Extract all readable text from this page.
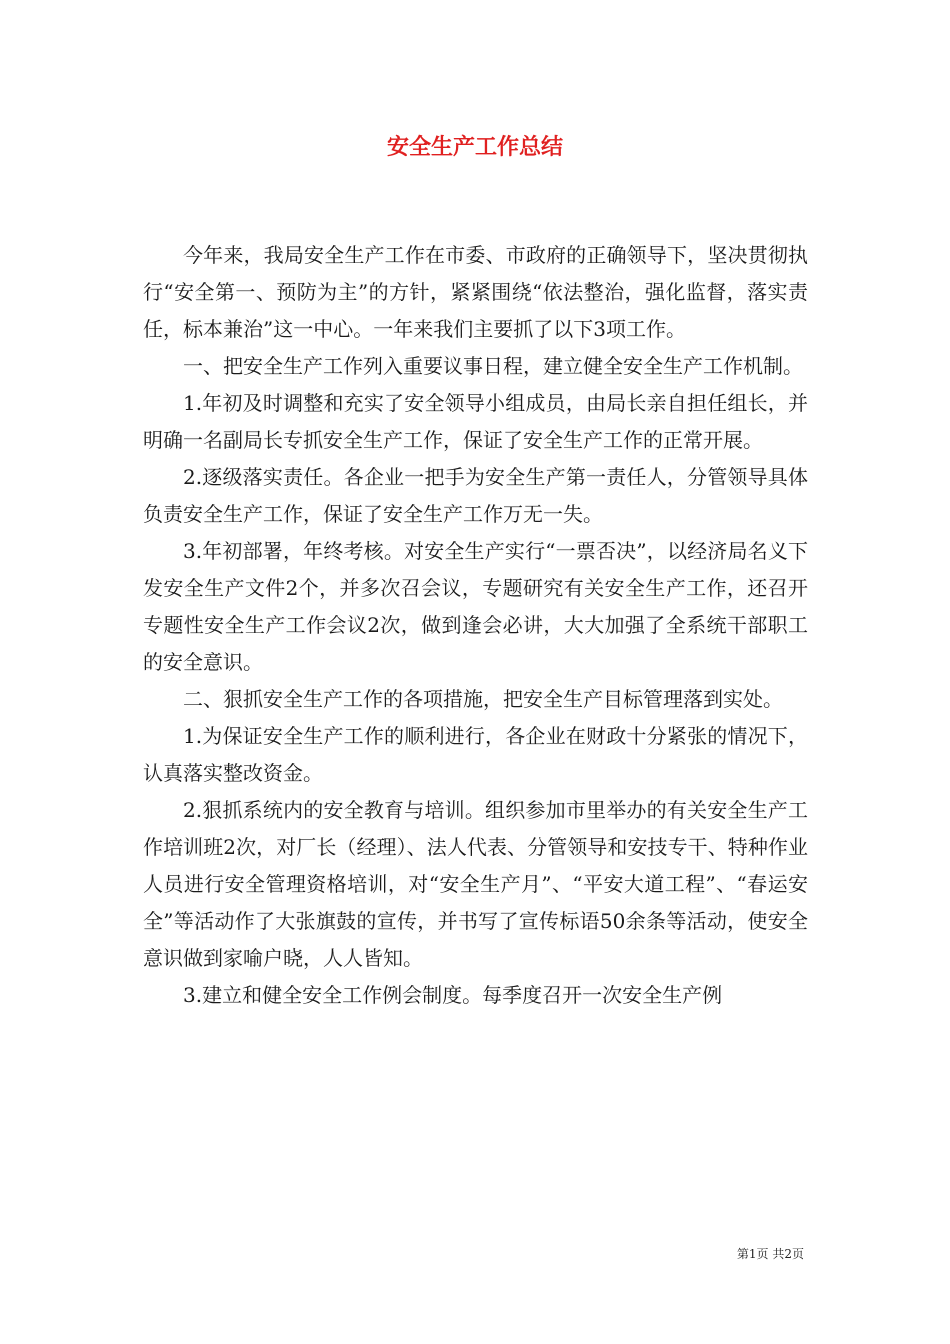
安全生产工作总结

今年来，我局安全生产工作在市委、市政府的正确领导下，坚决贯彻执行“安全第一、预防为主”的方针，紧紧围绕“依法整治，强化监督，落实责任，标本兼治”这一中心。一年来我们主要抓了以下3项工作。

一、把安全生产工作列入重要议事日程，建立健全安全生产工作机制。

1.年初及时调整和充实了安全领导小组成员，由局长亲自担任组长，并明确一名副局长专抓安全生产工作，保证了安全生产工作的正常开展。

2.逐级落实责任。各企业一把手为安全生产第一责任人，分管领导具体负责安全生产工作，保证了安全生产工作万无一失。

3.年初部署，年终考核。对安全生产实行“一票否决”，以经济局名义下发安全生产文件2个，并多次召会议，专题研究有关安全生产工作，还召开专题性安全生产工作会议2次，做到逢会必讲，大大加强了全系统干部职工的安全意识。

二、狠抓安全生产工作的各项措施，把安全生产目标管理落到实处。

1.为保证安全生产工作的顺利进行，各企业在财政十分紧张的情况下，认真落实整改资金。

2.狠抓系统内的安全教育与培训。组织参加市里举办的有关安全生产工作培训班2次，对厂长（经理）、法人代表、分管领导和安技专干、特种作业人员进行安全管理资格培训，对“安全生产月”、“平安大道工程”、“春运安全”等活动作了大张旗鼓的宣传，并书写了宣传标语50余条等活动，使安全意识做到家喻户晓，人人皆知。

3.建立和健全安全工作例会制度。每季度召开一次安全生产例

第1页 共2页
